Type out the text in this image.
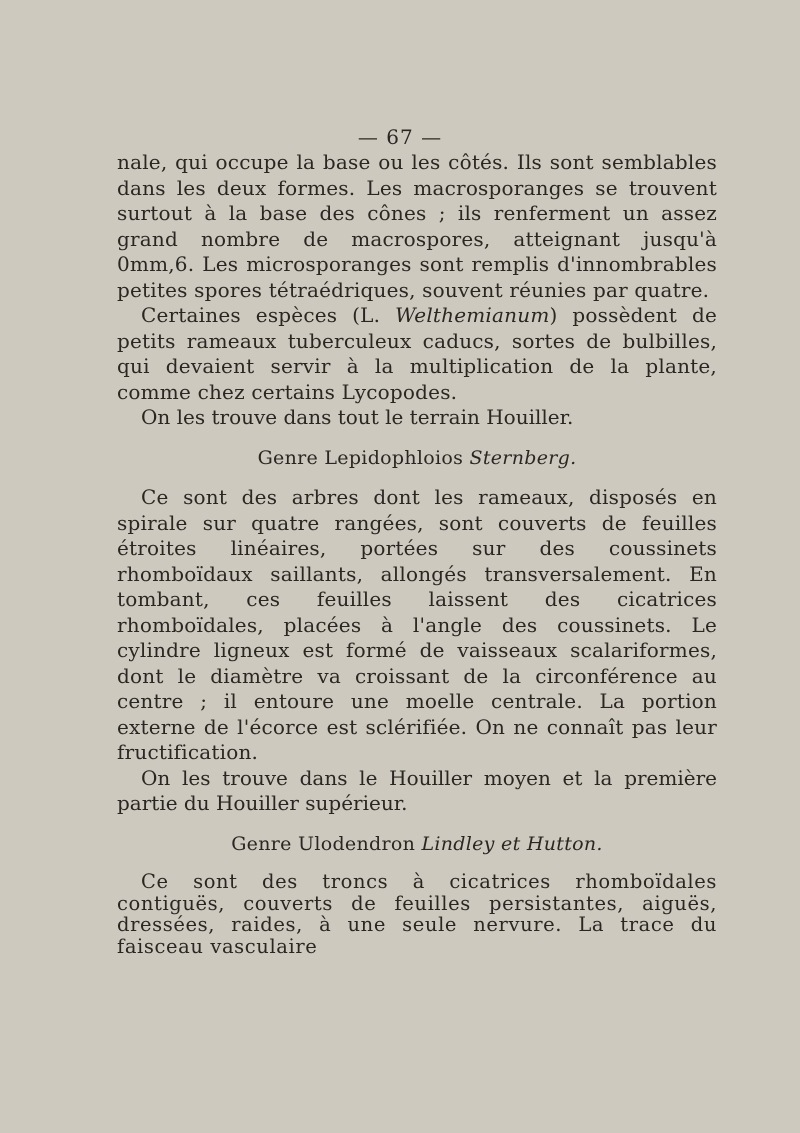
— 67 —

nale, qui occupe la base ou les côtés. Ils sont semblables dans les deux formes. Les macrosporanges se trouvent surtout à la base des cônes ; ils renferment un assez grand nombre de macrospores, atteignant jusqu'à 0mm,6. Les microsporanges sont remplis d'innombrables petites spores tétraédriques, souvent réunies par quatre.

Certaines espèces (L. Welthemianum) possèdent de petits rameaux tuberculeux caducs, sortes de bulbilles, qui devaient servir à la multiplication de la plante, comme chez certains Lycopodes.

On les trouve dans tout le terrain Houiller.

Genre Lepidophloios Sternberg.

Ce sont des arbres dont les rameaux, disposés en spirale sur quatre rangées, sont couverts de feuilles étroites linéaires, portées sur des coussinets rhomboïdaux saillants, allongés transversalement. En tombant, ces feuilles laissent des cicatrices rhomboïdales, placées à l'angle des coussinets. Le cylindre ligneux est formé de vaisseaux scalariformes, dont le diamètre va croissant de la circonférence au centre ; il entoure une moelle centrale. La portion externe de l'écorce est sclérifiée. On ne connaît pas leur fructification.

On les trouve dans le Houiller moyen et la première partie du Houiller supérieur.

Genre Ulodendron Lindley et Hutton.

Ce sont des troncs à cicatrices rhomboïdales contiguës, couverts de feuilles persistantes, aiguës, dressées, raides, à une seule nervure. La trace du faisceau vasculaire
